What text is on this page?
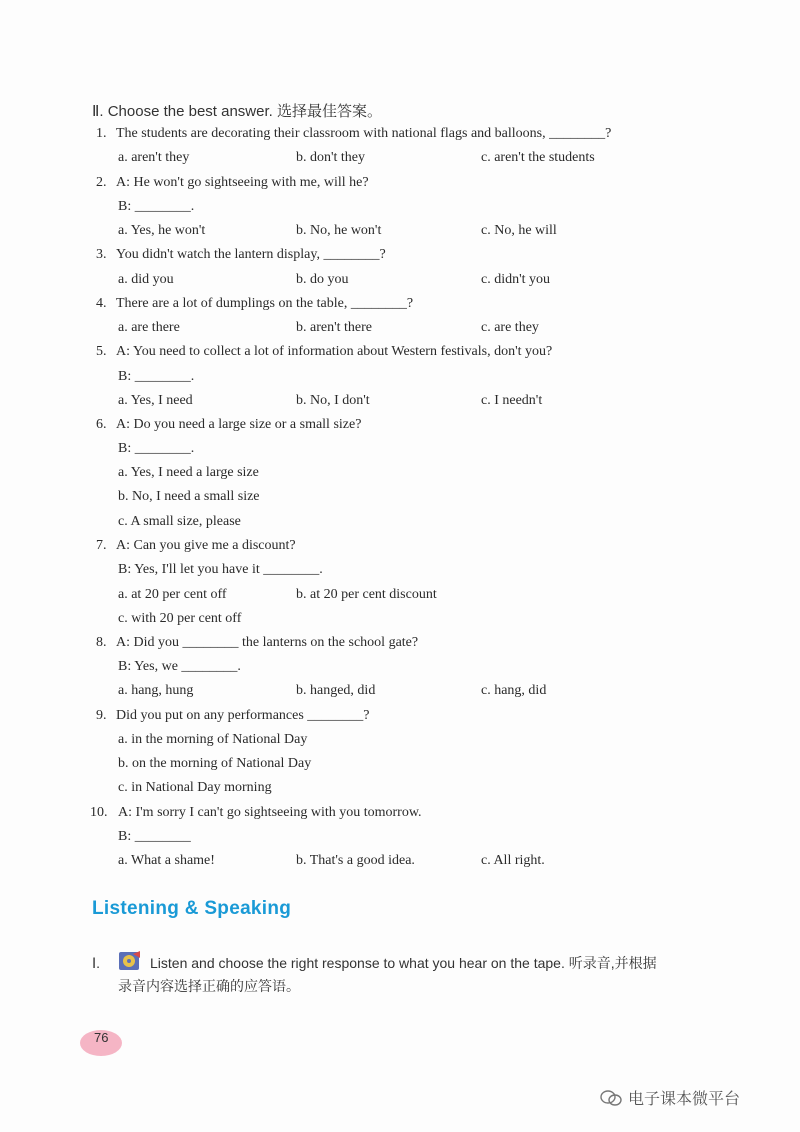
Ⅱ. Choose the best answer. 选择最佳答案。
1. The students are decorating their classroom with national flags and balloons, ________?
a. aren't they	b. don't they	c. aren't the students
2. A: He won't go sightseeing with me, will he?
B: ________.
a. Yes, he won't	b. No, he won't	c. No, he will
3. You didn't watch the lantern display, ________?
a. did you	b. do you	c. didn't you
4. There are a lot of dumplings on the table, ________?
a. are there	b. aren't there	c. are they
5. A: You need to collect a lot of information about Western festivals, don't you?
B: ________.
a. Yes, I need	b. No, I don't	c. I needn't
6. A: Do you need a large size or a small size?
B: ________.
a. Yes, I need a large size
b. No, I need a small size
c. A small size, please
7. A: Can you give me a discount?
B: Yes, I'll let you have it ________.
a. at 20 per cent off	b. at 20 per cent discount
c. with 20 per cent off
8. A: Did you ________ the lanterns on the school gate?
B: Yes, we ________.
a. hang, hung	b. hanged, did	c. hang, did
9. Did you put on any performances ________?
a. in the morning of National Day
b. on the morning of National Day
c. in National Day morning
10. A: I'm sorry I can't go sightseeing with you tomorrow.
B: ________
a. What a shame!	b. That's a good idea.	c. All right.
Listening & Speaking
Ⅰ.	Listen and choose the right response to what you hear on the tape. 听录音,并根据
录音内容选择正确的应答语。
76
电子课本微平台
